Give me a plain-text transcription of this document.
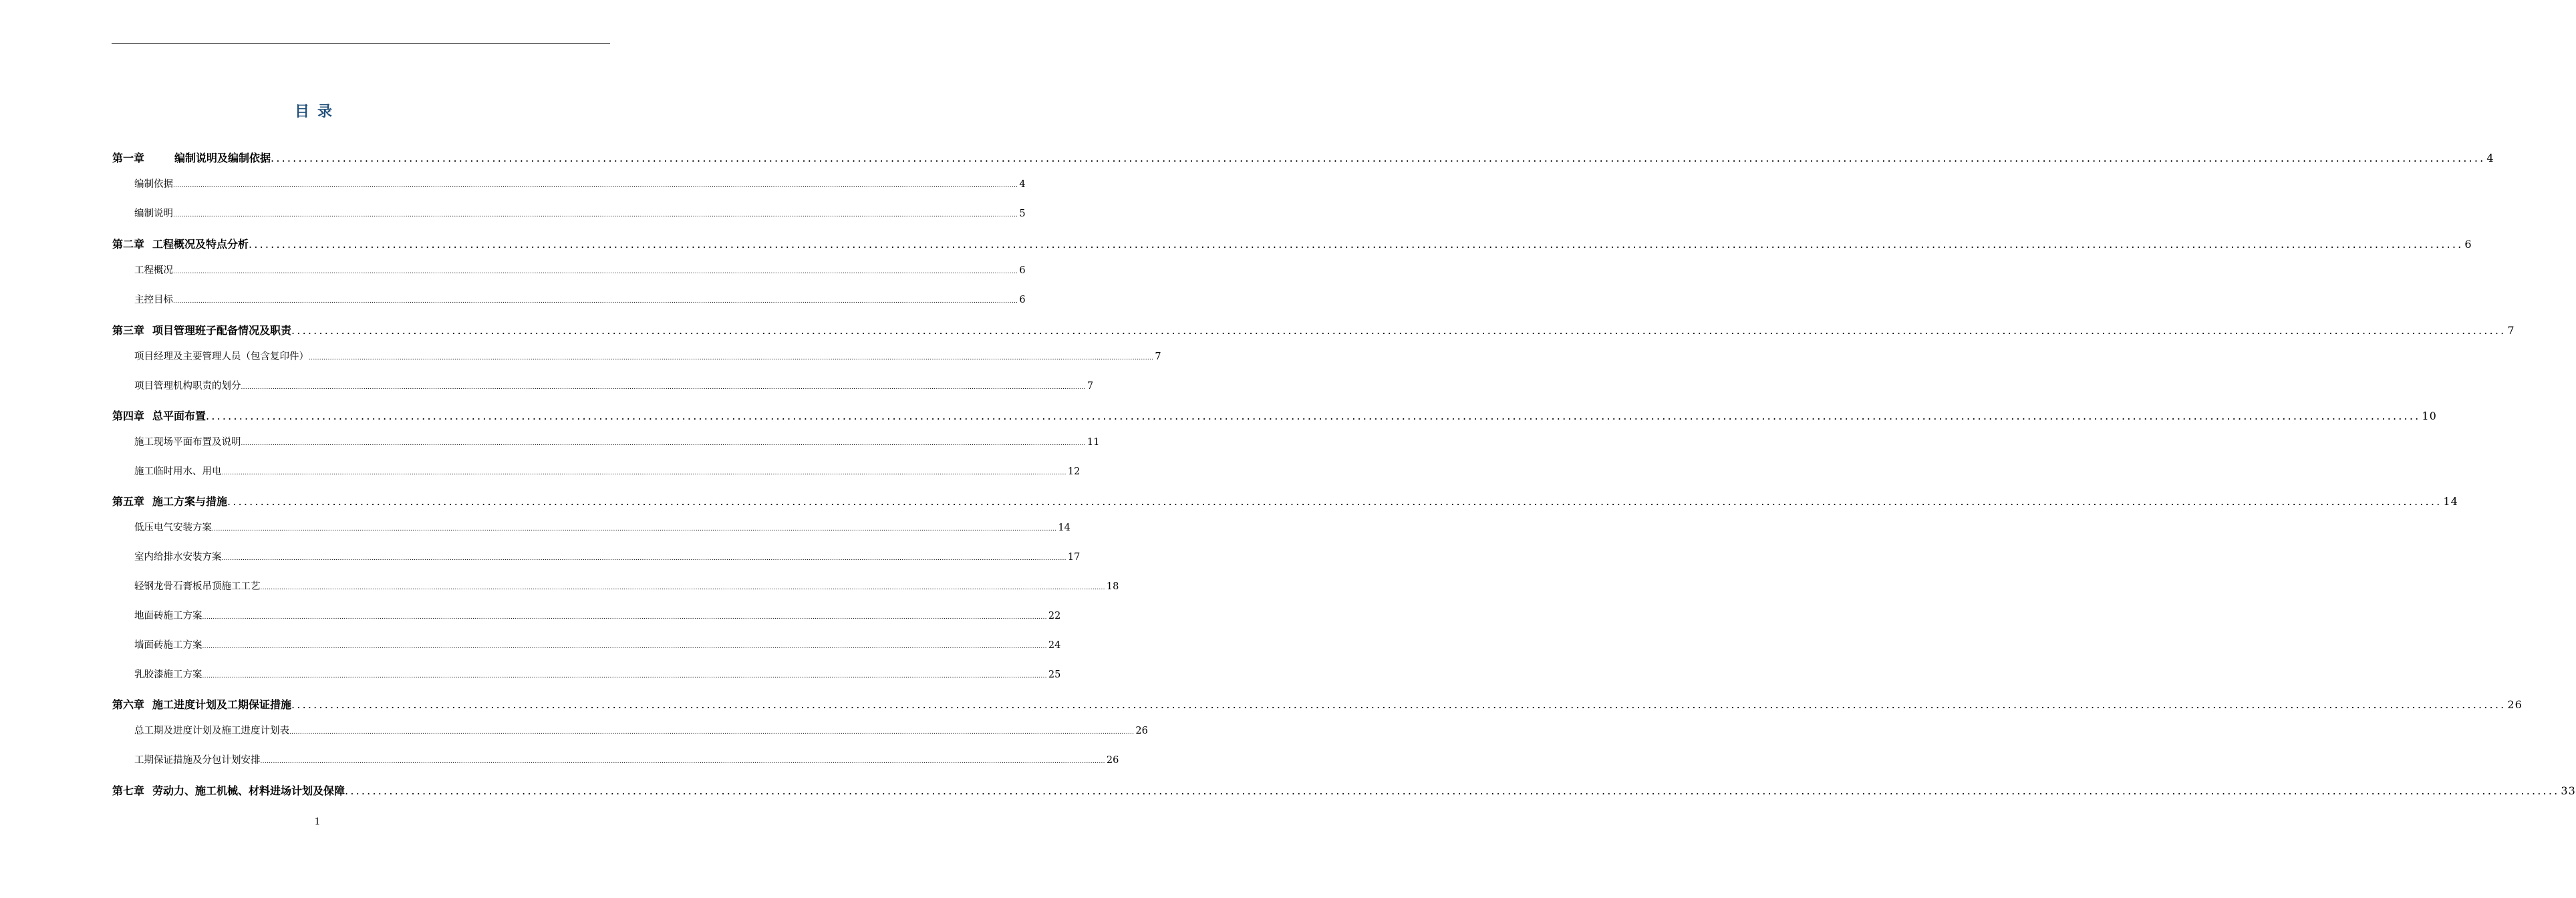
目录
第一章	编制说明及编制依据 ................................................................................................................................................................................................................................................................................................................................................................................................................ 4
编制依据 ................................................................................................................................................................................................................................................................................................................................................................................................................ 4
编制说明 ................................................................................................................................................................................................................................................................................................................................................................................................................ 5
第二章 工程概况及特点分析 ................................................................................................................................................................................................................................................................................................................................................................................................................ 6
工程概况 ................................................................................................................................................................................................................................................................................................................................................................................................................ 6
主控目标 ................................................................................................................................................................................................................................................................................................................................................................................................................ 6
第三章 项目管理班子配备情况及职责 ................................................................................................................................................................................................................................................................................................................................................................................................................ 7
项目经理及主要管理人员（包含复印件） ................................................................................................................................................................................................................................................................................................................................................................................................................ 7
项目管理机构职责的划分 ................................................................................................................................................................................................................................................................................................................................................................................................................ 7
第四章 总平面布置 ................................................................................................................................................................................................................................................................................................................................................................................................................ 10
施工现场平面布置及说明 ................................................................................................................................................................................................................................................................................................................................................................................................................ 11
施工临时用水、用电 ................................................................................................................................................................................................................................................................................................................................................................................................................ 12
第五章 施工方案与措施 ................................................................................................................................................................................................................................................................................................................................................................................................................ 14
低压电气安装方案 ................................................................................................................................................................................................................................................................................................................................................................................................................ 14
室内给排水安装方案 ................................................................................................................................................................................................................................................................................................................................................................................................................ 17
轻钢龙骨石膏板吊顶施工工艺 ................................................................................................................................................................................................................................................................................................................................................................................................................ 18
地面砖施工方案 ................................................................................................................................................................................................................................................................................................................................................................................................................ 22
墙面砖施工方案 ................................................................................................................................................................................................................................................................................................................................................................................................................ 24
乳胶漆施工方案 ................................................................................................................................................................................................................................................................................................................................................................................................................ 25
第六章 施工进度计划及工期保证措施 ................................................................................................................................................................................................................................................................................................................................................................................................................ 26
总工期及进度计划及施工进度计划表 ................................................................................................................................................................................................................................................................................................................................................................................................................ 26
工期保证措施及分包计划安排 ................................................................................................................................................................................................................................................................................................................................................................................................................ 26
第七章 劳动力、施工机械、材料进场计划及保障 ................................................................................................................................................................................................................................................................................................................................................................................................................ 33
1
